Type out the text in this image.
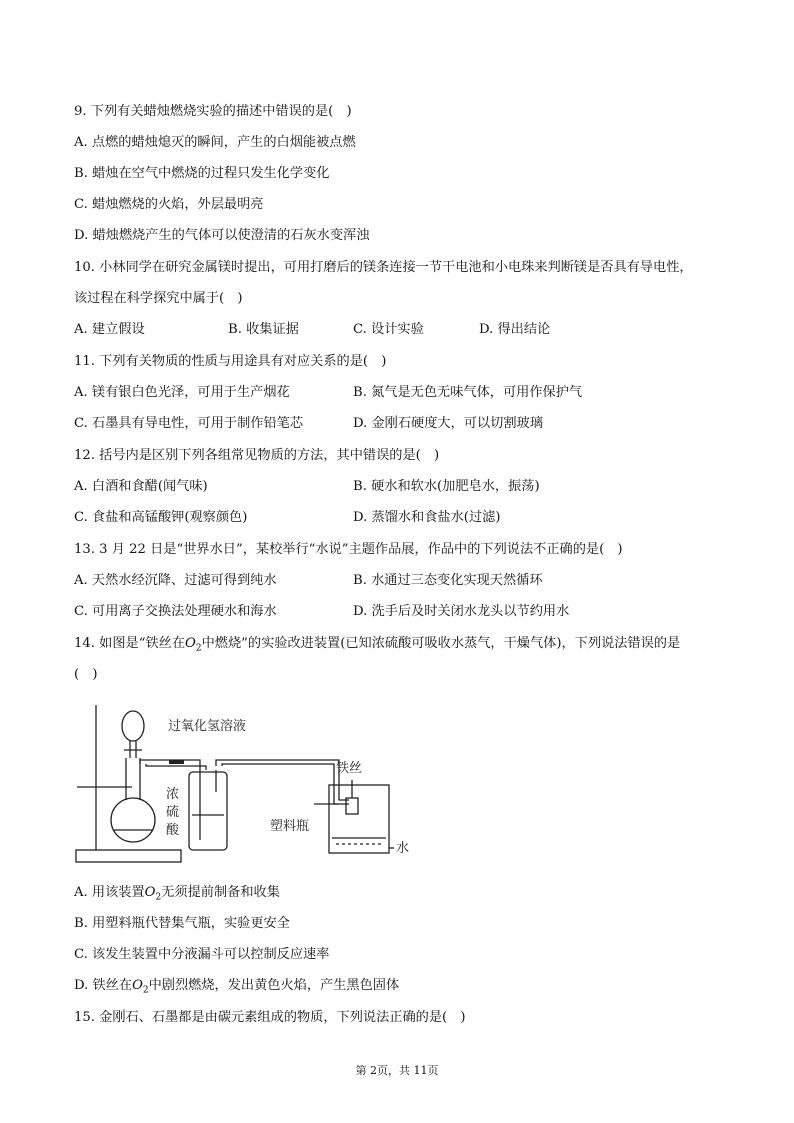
9. 下列有关蜡烛燃烧实验的描述中错误的是(　)
A. 点燃的蜡烛熄灭的瞬间，产生的白烟能被点燃
B. 蜡烛在空气中燃烧的过程只发生化学变化
C. 蜡烛燃烧的火焰，外层最明亮
D. 蜡烛燃烧产生的气体可以使澄清的石灰水变浑浊
10. 小林同学在研究金属镁时提出，可用打磨后的镁条连接一节干电池和小电珠来判断镁是否具有导电性，
该过程在科学探究中属于(　)
A. 建立假设	B. 收集证据	C. 设计实验	D. 得出结论
11. 下列有关物质的性质与用途具有对应关系的是(　)
A. 镁有银白色光泽，可用于生产烟花	B. 氮气是无色无味气体，可用作保护气
C. 石墨具有导电性，可用于制作铅笔芯	D. 金刚石硬度大，可以切割玻璃
12. 括号内是区别下列各组常见物质的方法，其中错误的是(　)
A. 白酒和食醋(闻气味)	B. 硬水和软水(加肥皂水，振荡)
C. 食盐和高锰酸钾(观察颜色)	D. 蒸馏水和食盐水(过滤)
13. 3 月 22 日是“世界水日”，某校举行“水说”主题作品展，作品中的下列说法不正确的是(　)
A. 天然水经沉降、过滤可得到纯水	B. 水通过三态变化实现天然循环
C. 可用离子交换法处理硬水和海水	D. 洗手后及时关闭水龙头以节约用水
14. 如图是“铁丝在$O_2$中燃烧”的实验改进装置(已知浓硫酸可吸收水蒸气，干燥气体)，下列说法错误的是
(　)
过氧化氢溶液
浓
硫
酸
铁丝
塑料瓶
水
A. 用该装置$O_2$无须提前制备和收集
B. 用塑料瓶代替集气瓶，实验更安全
C. 该发生装置中分液漏斗可以控制反应速率
D. 铁丝在$O_2$中剧烈燃烧，发出黄色火焰，产生黑色固体
15. 金刚石、石墨都是由碳元素组成的物质，下列说法正确的是(　)
第 2页，共 11页
